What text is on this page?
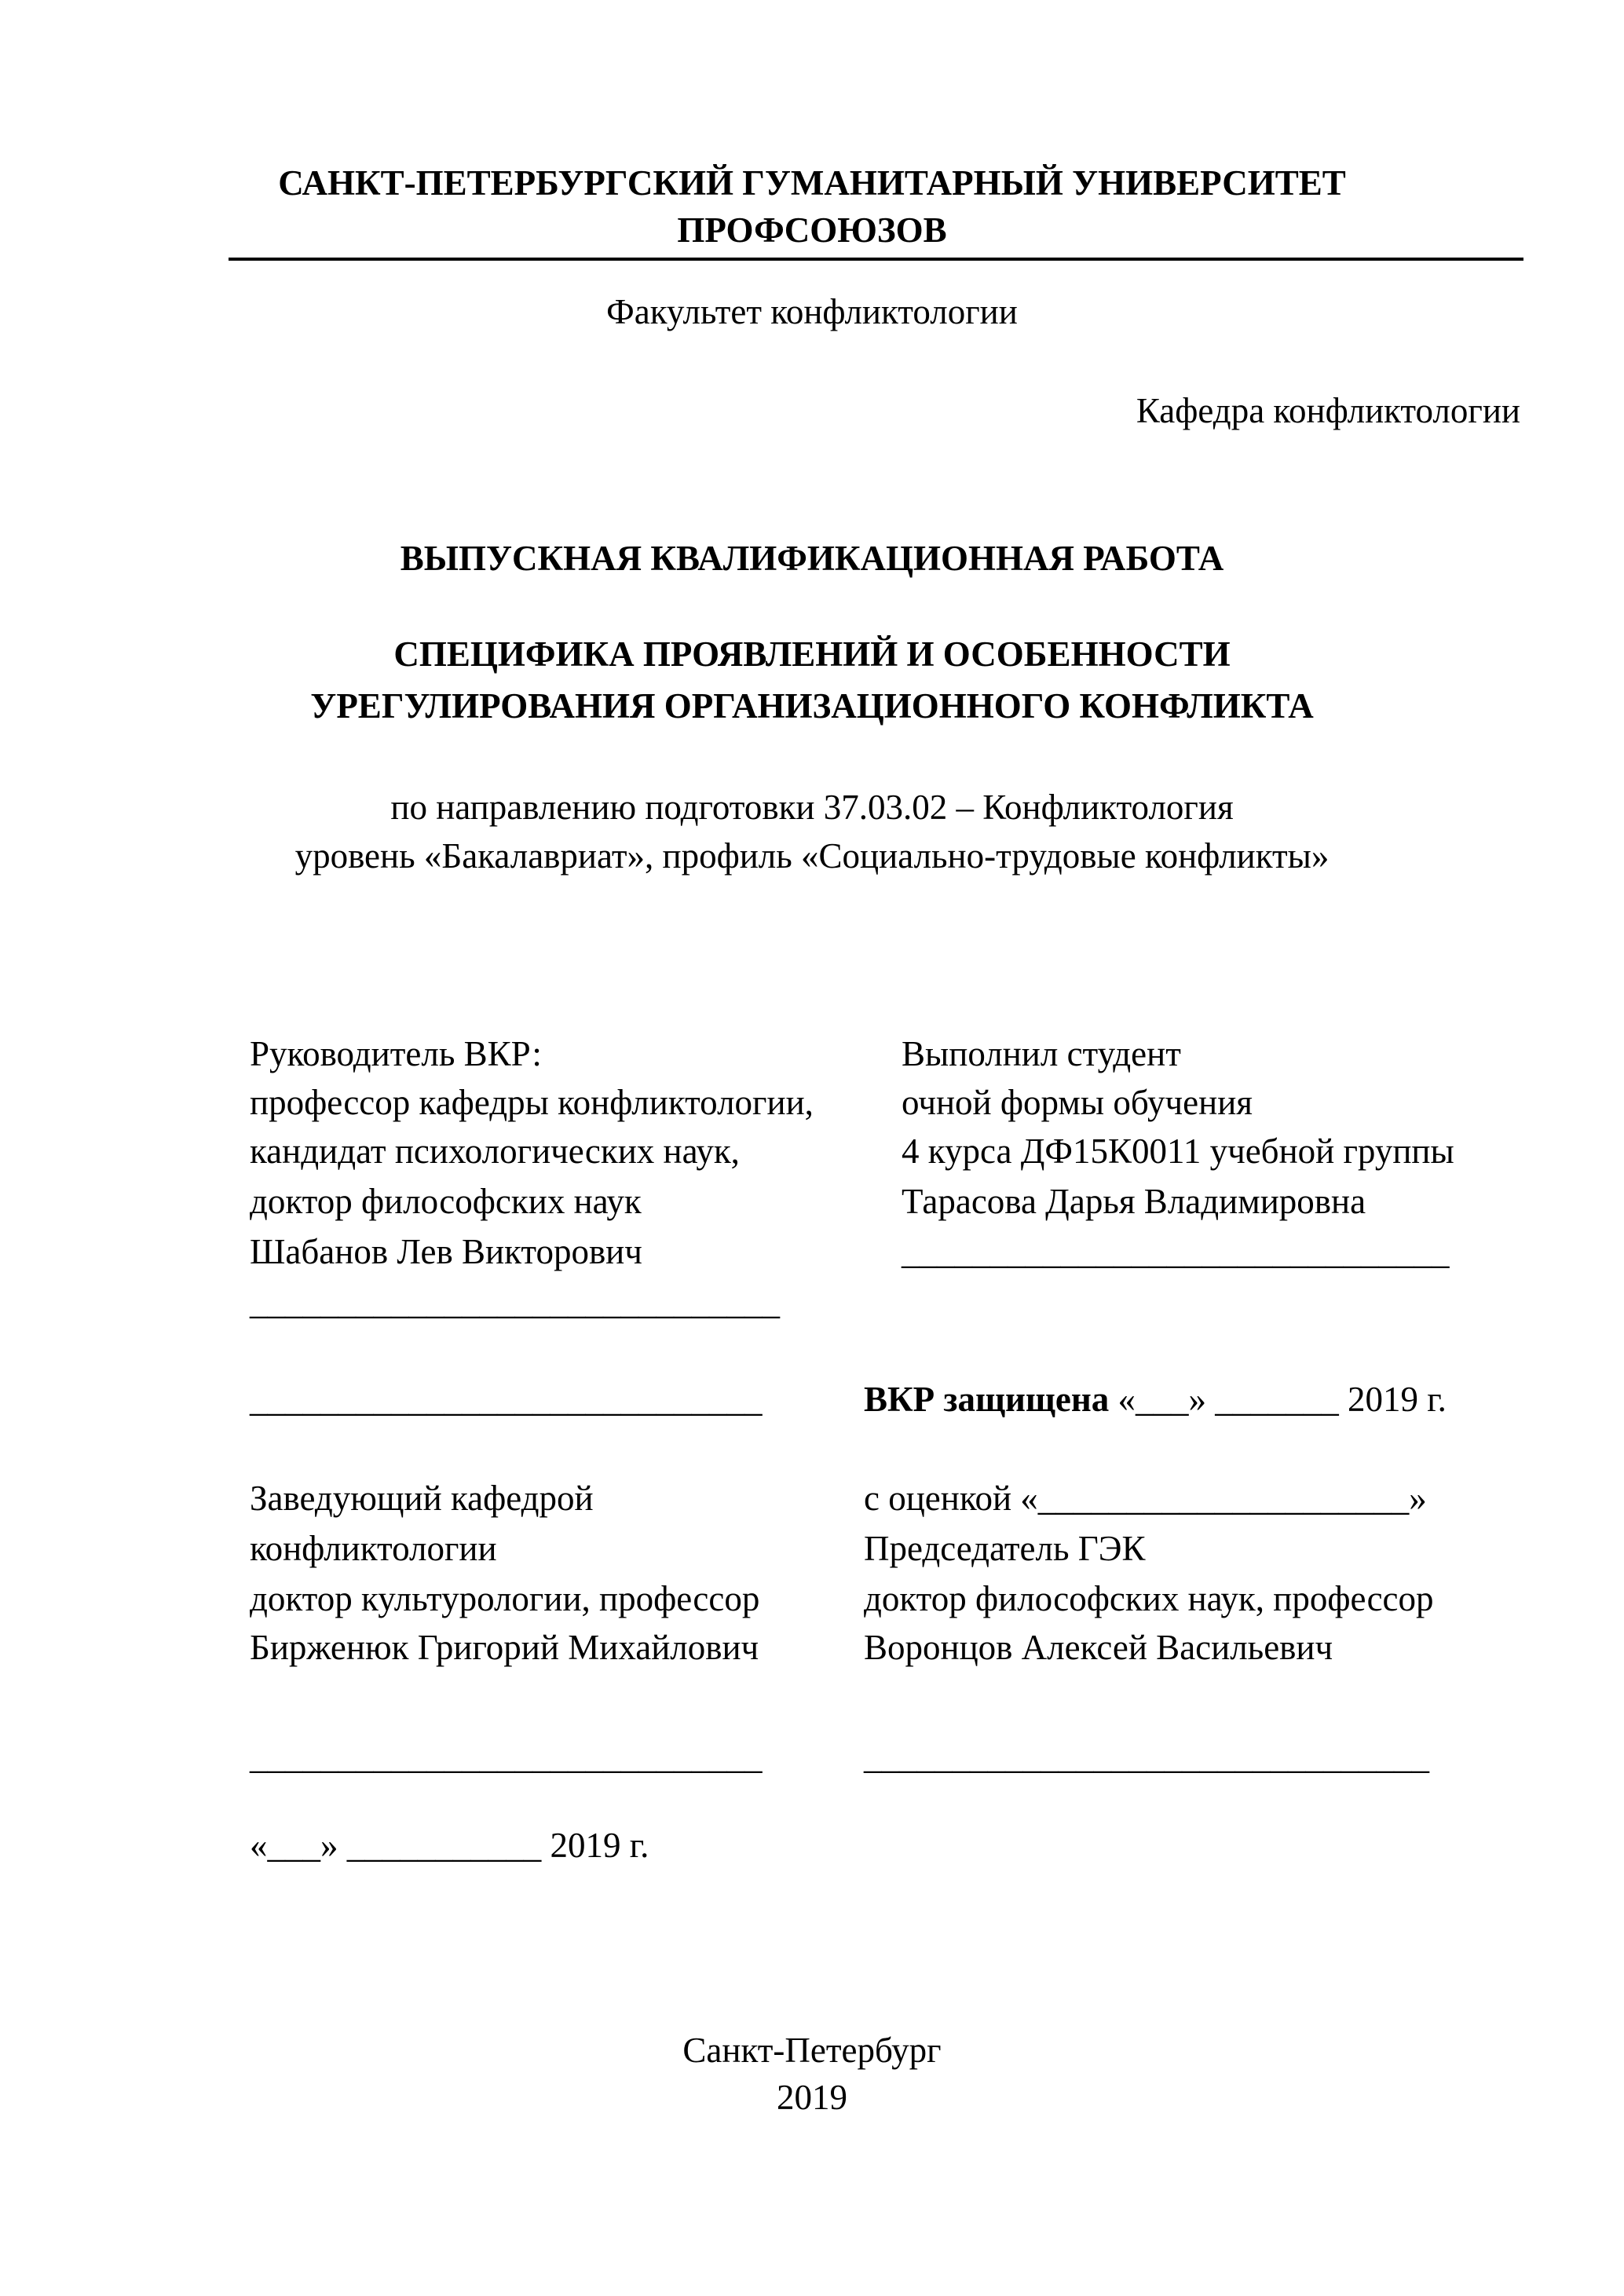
САНКТ-ПЕТЕРБУРГСКИЙ ГУМАНИТАРНЫЙ УНИВЕРСИТЕТ
ПРОФСОЮЗОВ
Факультет конфликтологии
Кафедра конфликтологии
ВЫПУСКНАЯ КВАЛИФИКАЦИОННАЯ РАБОТА
СПЕЦИФИКА ПРОЯВЛЕНИЙ И ОСОБЕННОСТИ
УРЕГУЛИРОВАНИЯ ОРГАНИЗАЦИОННОГО КОНФЛИКТА
по направлению подготовки 37.03.02 – Конфликтология
уровень «Бакалавриат», профиль «Социально-трудовые конфликты»
Руководитель ВКР:
профессор кафедры конфликтологии,
кандидат психологических наук,
доктор философских наук
Шабанов Лев Викторович
______________________________
_____________________________
Выполнил студент
очной формы обучения
4 курса ДФ15К0011 учебной группы
Тарасова Дарья Владимировна
_______________________________
ВКР защищена «___» _______ 2019 г.
Заведующий кафедрой
конфликтологии
доктор культурологии, профессор
Бирженюк Григорий Михайлович
_____________________________
«___» ___________ 2019 г.
с оценкой «_____________________»
Председатель ГЭК
доктор философских наук, профессор
Воронцов Алексей Васильевич
________________________________
Санкт-Петербург
2019
